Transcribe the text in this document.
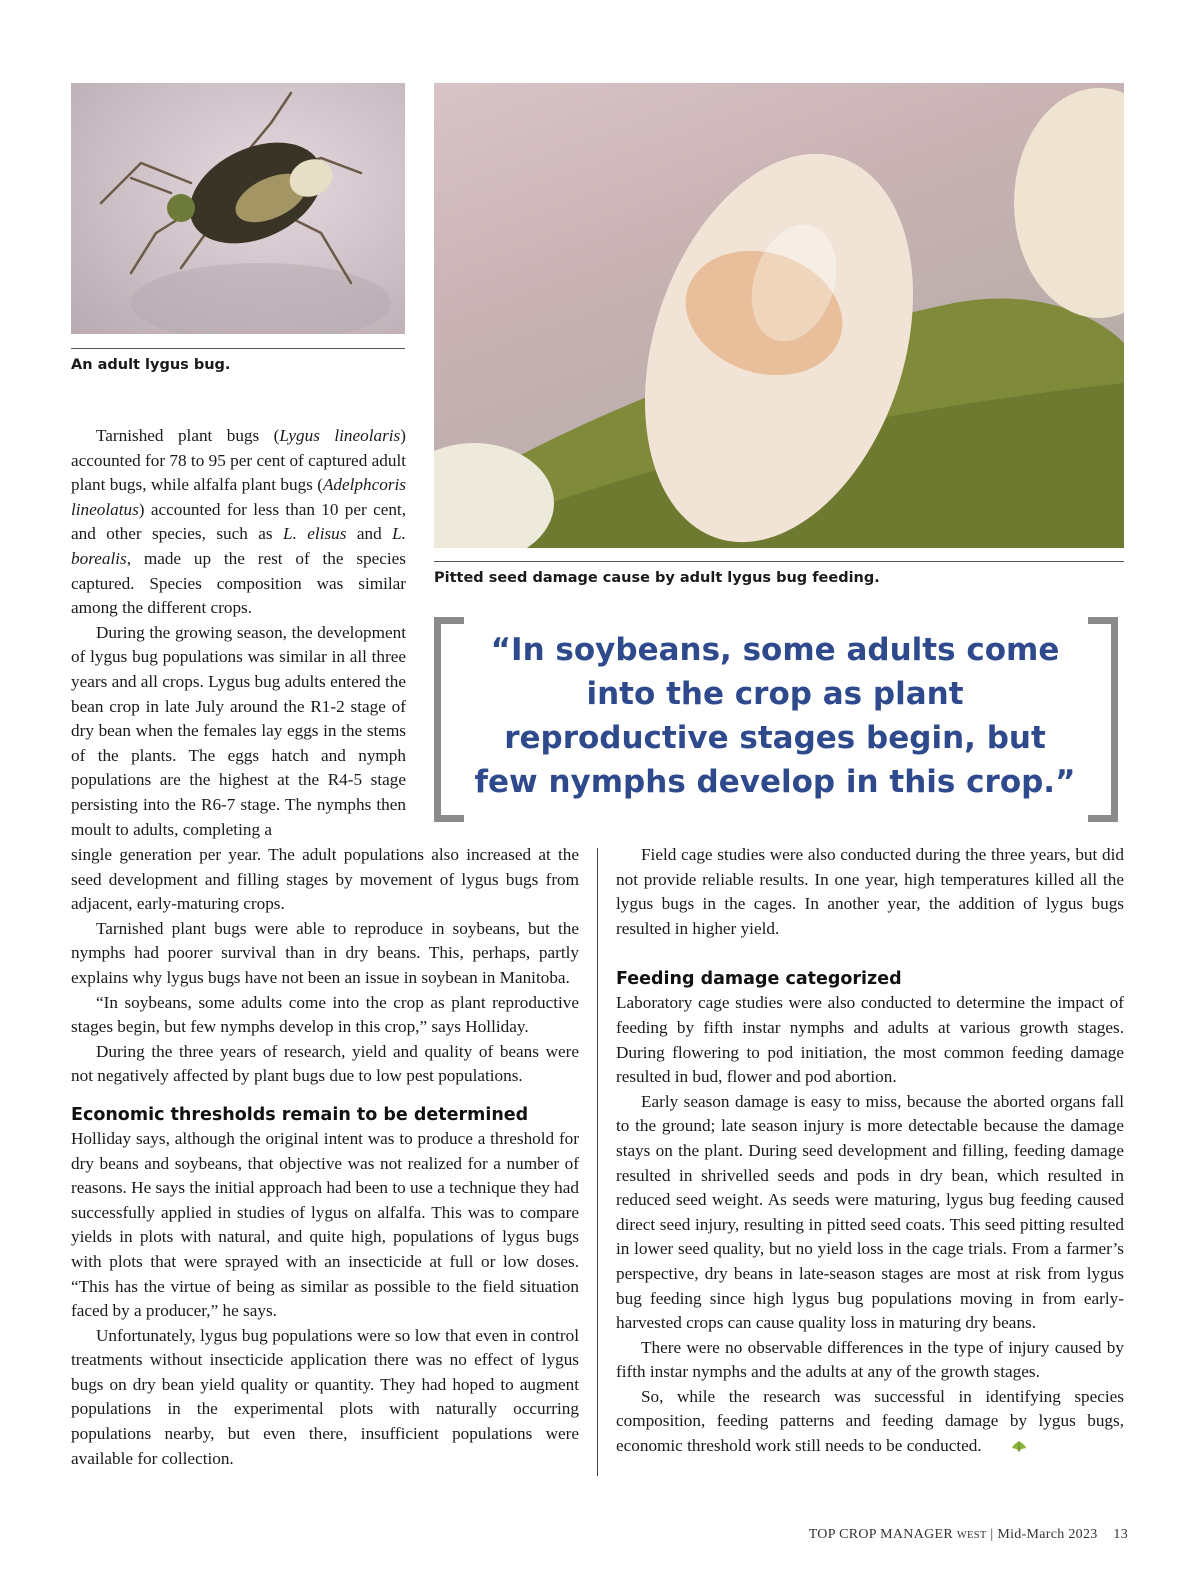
An adult lygus bug.
Pitted seed damage cause by adult lygus bug feeding.

Tarnished plant bugs (Lygus lineolaris) accounted for 78 to 95 per cent of captured adult plant bugs, while alfalfa plant bugs (Adelphcoris lineolatus) accounted for less than 10 per cent, and other species, such as L. elisus and L. borealis, made up the rest of the species captured. Species composition was similar among the different crops.

During the growing season, the development of lygus bug populations was similar in all three years and all crops. Lygus bug adults entered the bean crop in late July around the R1-2 stage of dry bean when the females lay eggs in the stems of the plants. The eggs hatch and nymph populations are the highest at the R4-5 stage persisting into the R6-7 stage. The nymphs then moult to adults, completing a

“In soybeans, some adults come into the crop as plant reproductive stages begin, but few nymphs develop in this crop.”

single generation per year. The adult populations also increased at the seed development and filling stages by movement of lygus bugs from adjacent, early-maturing crops.

Tarnished plant bugs were able to reproduce in soybeans, but the nymphs had poorer survival than in dry beans. This, perhaps, partly explains why lygus bugs have not been an issue in soybean in Manitoba.

“In soybeans, some adults come into the crop as plant reproductive stages begin, but few nymphs develop in this crop,” says Holliday.

During the three years of research, yield and quality of beans were not negatively affected by plant bugs due to low pest populations.

Economic thresholds remain to be determined

Holliday says, although the original intent was to produce a threshold for dry beans and soybeans, that objective was not realized for a number of reasons. He says the initial approach had been to use a technique they had successfully applied in studies of lygus on alfalfa. This was to compare yields in plots with natural, and quite high, populations of lygus bugs with plots that were sprayed with an insecticide at full or low doses. “This has the virtue of being as similar as possible to the field situation faced by a producer,” he says.

Unfortunately, lygus bug populations were so low that even in control treatments without insecticide application there was no effect of lygus bugs on dry bean yield quality or quantity. They had hoped to augment populations in the experimental plots with naturally occurring populations nearby, but even there, insufficient populations were available for collection.

Field cage studies were also conducted during the three years, but did not provide reliable results. In one year, high temperatures killed all the lygus bugs in the cages. In another year, the addition of lygus bugs resulted in higher yield.

Feeding damage categorized

Laboratory cage studies were also conducted to determine the impact of feeding by fifth instar nymphs and adults at various growth stages. During flowering to pod initiation, the most common feeding damage resulted in bud, flower and pod abortion.

Early season damage is easy to miss, because the aborted organs fall to the ground; late season injury is more detectable because the damage stays on the plant. During seed development and filling, feeding damage resulted in shrivelled seeds and pods in dry bean, which resulted in reduced seed weight. As seeds were maturing, lygus bug feeding caused direct seed injury, resulting in pitted seed coats. This seed pitting resulted in lower seed quality, but no yield loss in the cage trials. From a farmer’s perspective, dry beans in late-season stages are most at risk from lygus bug feeding since high lygus bug populations moving in from early-harvested crops can cause quality loss in maturing dry beans.

There were no observable differences in the type of injury caused by fifth instar nymphs and the adults at any of the growth stages.

So, while the research was successful in identifying species composition, feeding patterns and feeding damage by lygus bugs, economic threshold work still needs to be conducted.

TOP CROP MANAGER WEST | Mid-March 2023 13
